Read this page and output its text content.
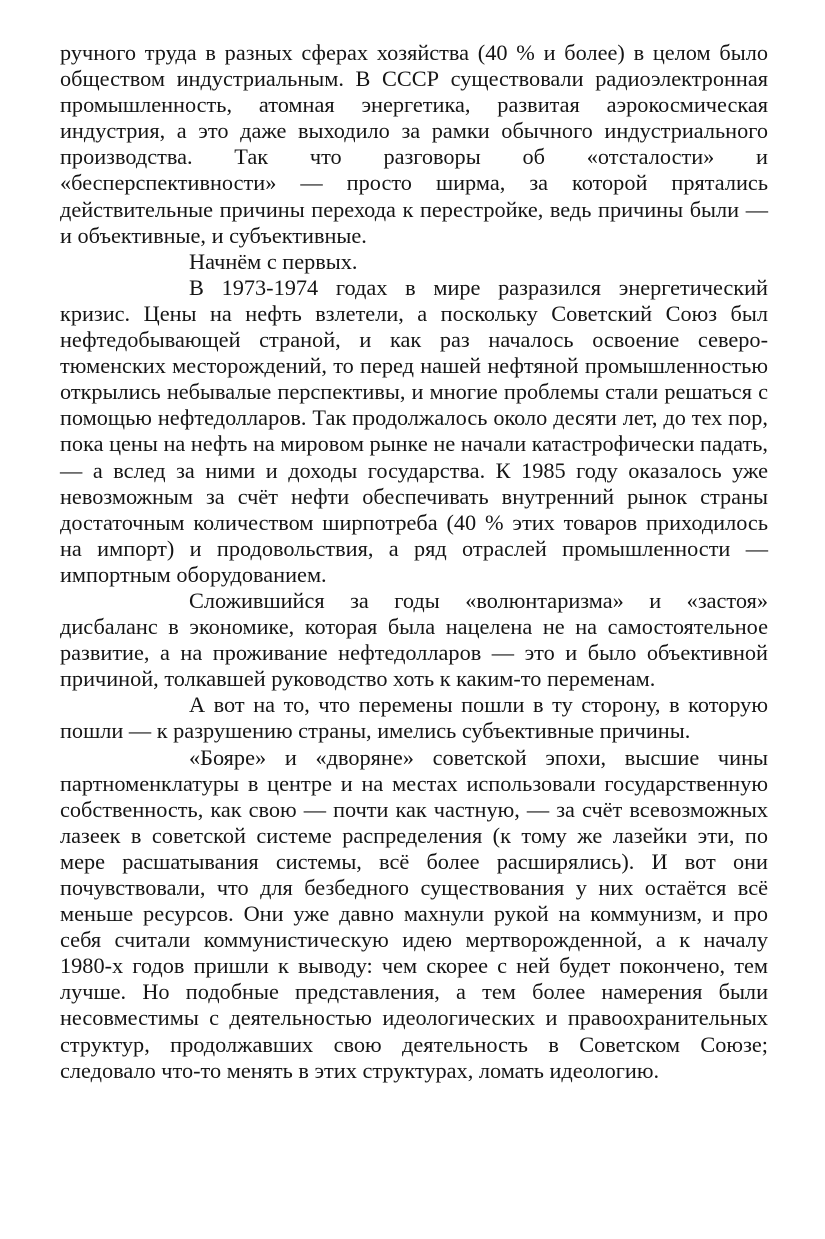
ручного труда в разных сферах хозяйства (40 % и более) в целом было обществом индустриальным. В СССР существовали радиоэлектронная промышленность, атомная энергетика, развитая аэрокосмическая индустрия, а это даже выходило за рамки обычного индустриального производства. Так что разговоры об «отсталости» и «бесперспективности» — просто ширма, за которой прятались действительные причины перехода к перестройке, ведь причины были — и объективные, и субъективные.

Начнём с первых.

В 1973-1974 годах в мире разразился энергетический кризис. Цены на нефть взлетели, а поскольку Советский Союз был нефтедобывающей страной, и как раз началось освоение северо-тюменских месторождений, то перед нашей нефтяной промышленностью открылись небывалые перспективы, и многие проблемы стали решаться с помощью нефтедолларов. Так продолжалось около десяти лет, до тех пор, пока цены на нефть на мировом рынке не начали катастрофически падать, — а вслед за ними и доходы государства. К 1985 году оказалось уже невозможным за счёт нефти обеспечивать внутренний рынок страны достаточным количеством ширпотреба (40 % этих товаров приходилось на импорт) и продовольствия, а ряд отраслей промышленности — импортным оборудованием.

Сложившийся за годы «волюнтаризма» и «застоя» дисбаланс в экономике, которая была нацелена не на самостоятельное развитие, а на проживание нефтедолларов — это и было объективной причиной, толкавшей руководство хоть к каким-то переменам.

А вот на то, что перемены пошли в ту сторону, в которую пошли — к разрушению страны, имелись субъективные причины.

«Бояре» и «дворяне» советской эпохи, высшие чины партноменклатуры в центре и на местах использовали государственную собственность, как свою — почти как частную, — за счёт всевозможных лазеек в советской системе распределения (к тому же лазейки эти, по мере расшатывания системы, всё более расширялись). И вот они почувствовали, что для безбедного существования у них остаётся всё меньше ресурсов. Они уже давно махнули рукой на коммунизм, и про себя считали коммунистическую идею мертворожденной, а к началу 1980-х годов пришли к выводу: чем скорее с ней будет покончено, тем лучше. Но подобные представления, а тем более намерения были несовместимы с деятельностью идеологических и правоохранительных структур, продолжавших свою деятельность в Советском Союзе; следовало что-то менять в этих структурах, ломать идеологию.
